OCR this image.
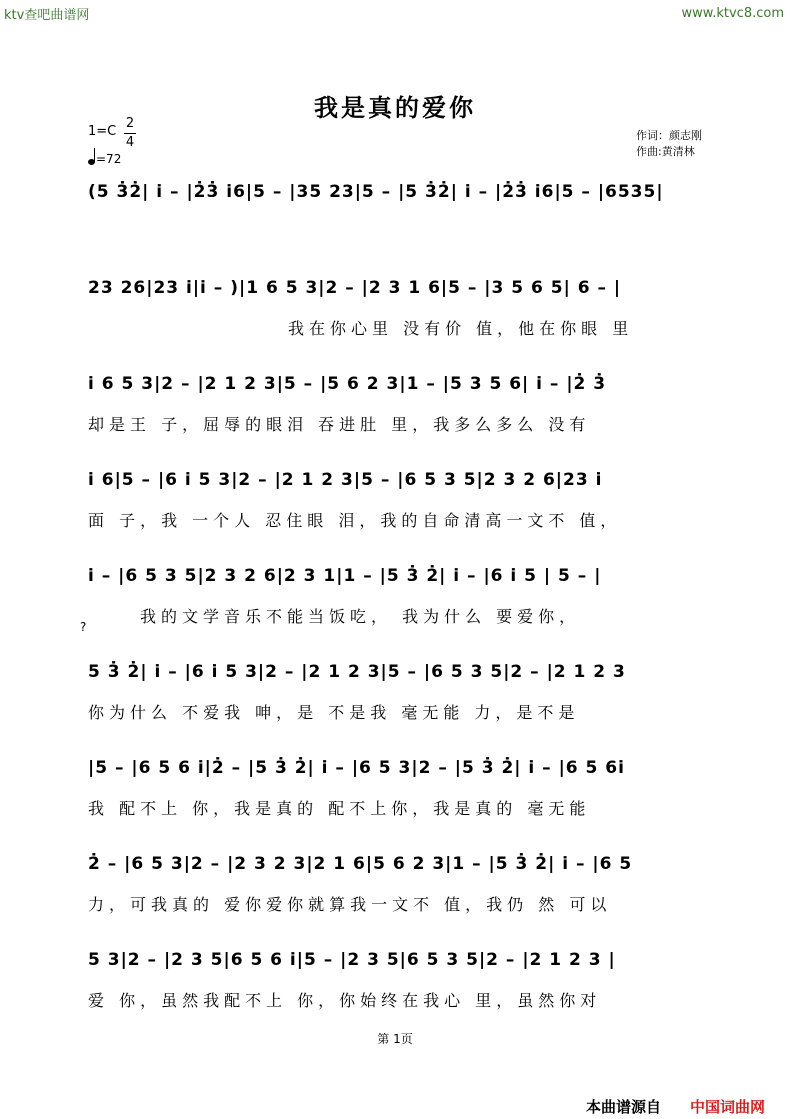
ktv查吧曲谱网	www.ktvc8.com
我是真的爱你
1=C
2
4
=72
作词：颜志刚
作曲:黄清林
(5 3̇2̇| i̇ – |2̇3̇ i̇6|5 – |35 23|5 – |5 3̇2̇| i̇ – |2̇3̇ i̇6|5 – |6535|
23 26|23 i̇|i̇ – )|1 6 5 3|2 – |2 3 1 6|5 – |3 5 6 5| 6 – |
我在你心里 没有价 值，他在你眼 里
i̇ 6 5 3|2 – |2 1 2 3|5 – |5 6 2 3|1 – |5 3 5 6| i̇ – |2̇ 3̇
却是王 子，屈辱的眼泪 吞进肚 里，我多么多么 没有
i̇ 6|5 – |6 i̇ 5 3|2 – |2 1 2 3|5 – |6 5 3 5|2 3 2 6|23 i̇
面 子，我 一个人 忍住眼 泪，我的自命清高一文不 值，
i̇ – |6 5 3 5|2 3 2 6|2 3 1|1 – |5 3̇ 2̇| i̇ – |6 i̇ 5 | 5 – |
我的文学音乐不能当饭吃， 我为什么 要爱你，
?
5 3̇ 2̇| i̇ – |6 i̇ 5 3|2 – |2 1 2 3|5 – |6 5 3 5|2 – |2 1 2 3
你为什么 不爱我 呻，是 不是我 毫无能 力，是不是
|5 – |6 5 6 i̇|2̇ – |5 3̇ 2̇| i̇ – |6 5 3|2 – |5 3̇ 2̇| i̇ – |6 5 6i̇
我 配不上 你，我是真的 配不上你，我是真的 毫无能
2̇ – |6 5 3|2 – |2 3 2 3|2 1 6|5 6 2 3|1 – |5 3̇ 2̇| i̇ – |6 5
力，可我真的 爱你爱你就算我一文不 值，我仍 然 可以
5 3|2 – |2 3 5|6 5 6 i̇|5 – |2 3 5|6 5 3 5|2 – |2 1 2 3 |
爱 你，虽然我配不上 你，你始终在我心 里，虽然你对
第 1页
本曲谱源自 中国词曲网
